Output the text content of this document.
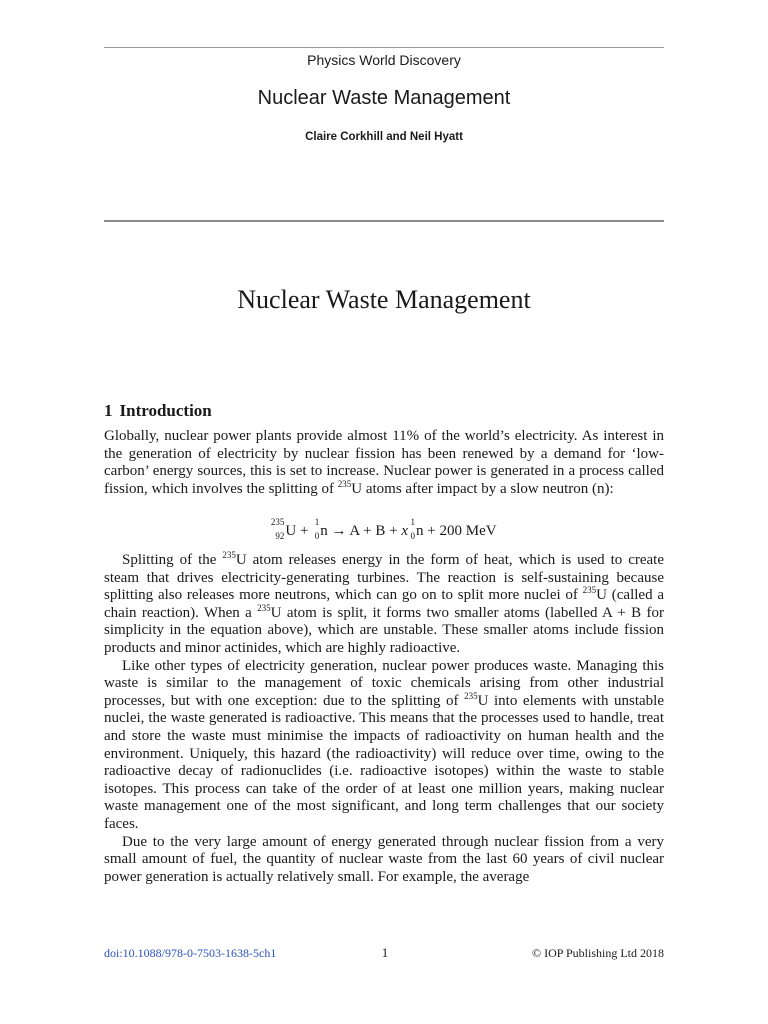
Physics World Discovery
Nuclear Waste Management
Claire Corkhill and Neil Hyatt
Nuclear Waste Management
1 Introduction

Globally, nuclear power plants provide almost 11% of the world’s electricity. As interest in the generation of electricity by nuclear fission has been renewed by a demand for ‘low-carbon’ energy sources, this is set to increase. Nuclear power is generated in a process called fission, which involves the splitting of $^{235}$U atoms after impact by a slow neutron (n):

235
92 U +
1
0 n → A + B + x
1
0 n + 200 MeV

Splitting of the $^{235}$U atom releases energy in the form of heat, which is used to create steam that drives electricity-generating turbines. The reaction is self-sustaining because splitting also releases more neutrons, which can go on to split more nuclei of $^{235}$U (called a chain reaction). When a $^{235}$U atom is split, it forms two smaller atoms (labelled A + B for simplicity in the equation above), which are unstable. These smaller atoms include fission products and minor actinides, which are highly radioactive.

Like other types of electricity generation, nuclear power produces waste. Managing this waste is similar to the management of toxic chemicals arising from other industrial processes, but with one exception: due to the splitting of $^{235}$U into elements with unstable nuclei, the waste generated is radioactive. This means that the processes used to handle, treat and store the waste must minimise the impacts of radioactivity on human health and the environment. Uniquely, this hazard (the radioactivity) will reduce over time, owing to the radioactive decay of radionuclides (i.e. radioactive isotopes) within the waste to stable isotopes. This process can take of the order of at least one million years, making nuclear waste management one of the most significant, and long term challenges that our society faces.

Due to the very large amount of energy generated through nuclear fission from a very small amount of fuel, the quantity of nuclear waste from the last 60 years of civil nuclear power generation is actually relatively small. For example, the average

doi:10.1088/978-0-7503-1638-5ch1	1	© IOP Publishing Ltd 2018
